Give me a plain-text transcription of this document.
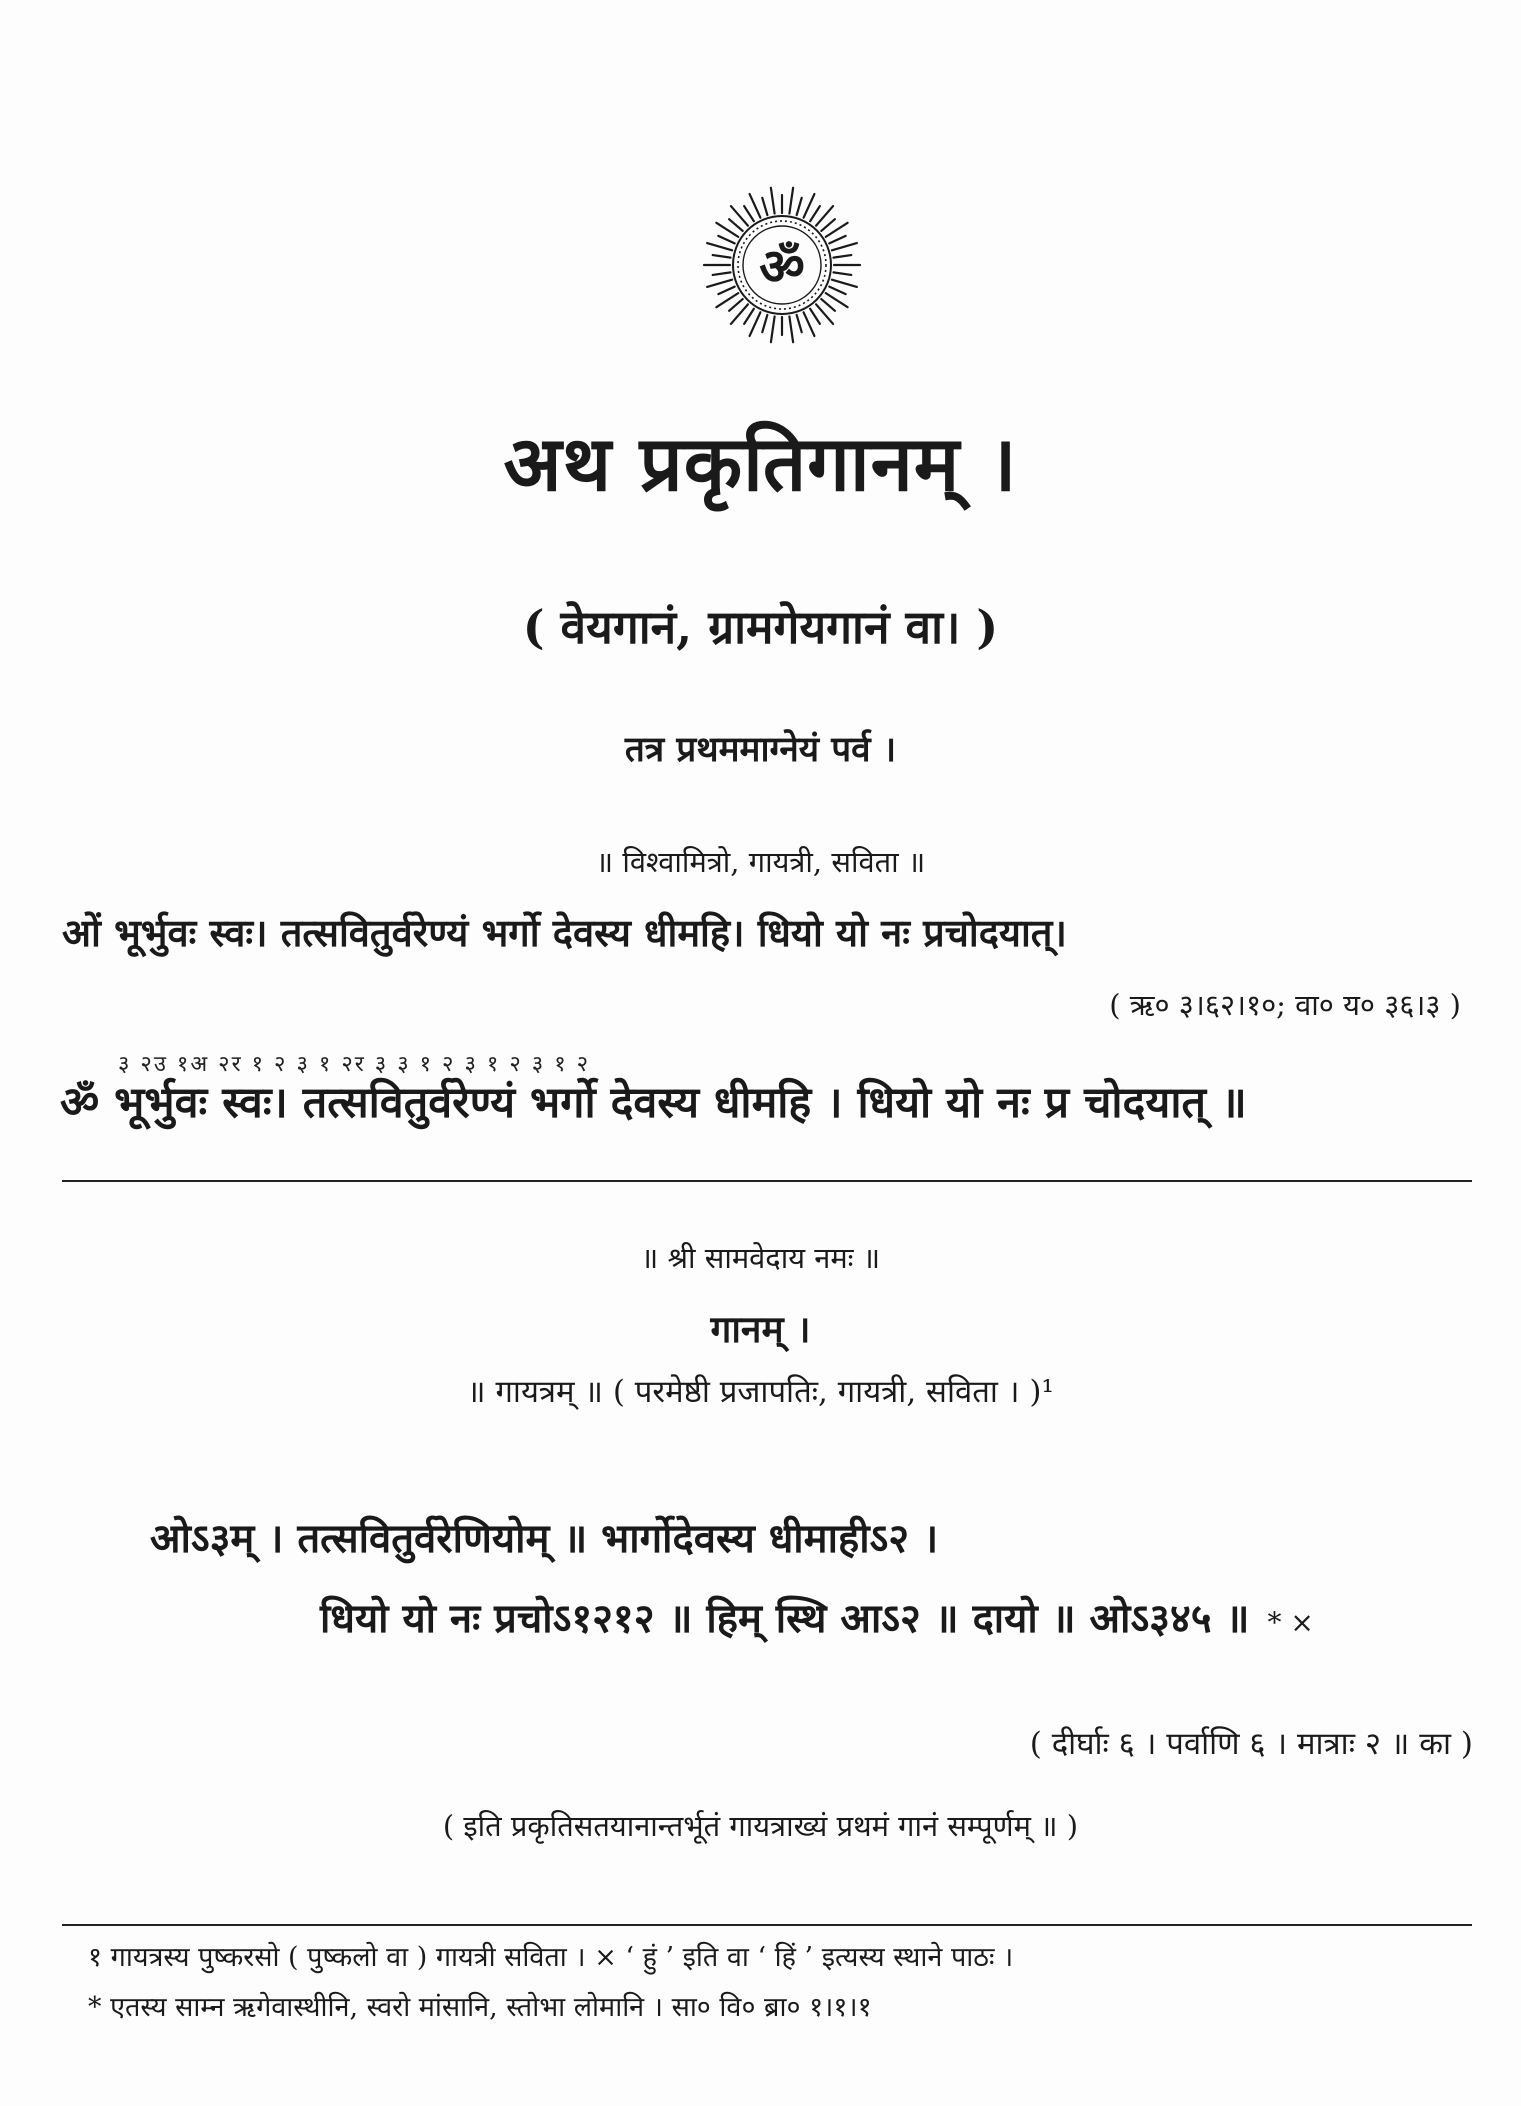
ॐ
अथ प्रकृतिगानम् ।
( वेयगानं, ग्रामगेयगानं वा। )
तत्र प्रथममाग्नेयं पर्व ।
॥ विश्वामित्रो, गायत्री, सविता ॥
ओं भूर्भुवः स्वः। तत्सवितुर्वरेण्यं भर्गो देवस्य धीमहि। धियो यो नः प्रचोदयात्।
( ऋ० ३।६२।१०; वा० य० ३६।३ )
३ २उ १अ २र १ २ ३ १ २र ३ ३ १ २ ३ १ २ ३ १ २
ॐ भूर्भुवः स्वः। तत्सवितुर्वरेण्यं भर्गो देवस्य धीमहि । धियो यो नः प्र चोदयात् ॥
॥ श्री सामवेदाय नमः ॥
गानम् ।
॥ गायत्रम् ॥ ( परमेष्ठी प्रजापतिः, गायत्री, सविता । )¹
ओऽ३म् । तत्सवितुर्वरेणियोम् ॥ भार्गोदेवस्य धीमाहीऽ२ ।
धियो यो नः प्रचोऽ१२१२ ॥ हिम् स्थि आऽ२ ॥ दायो ॥ ओऽ३४५ ॥ * ×
( दीर्घाः ६ । पर्वाणि ६ । मात्राः २ ॥ का )
( इति प्रकृतिसतयानान्तर्भूतं गायत्राख्यं प्रथमं गानं सम्पूर्णम् ॥ )
१ गायत्रस्य पुष्करसो ( पुष्कलो वा ) गायत्री सविता । × ‘ हुं ’ इति वा ‘ हिं ’ इत्यस्य स्थाने पाठः ।
* एतस्य साम्न ऋगेवास्थीनि, स्वरो मांसानि, स्तोभा लोमानि । सा० वि० ब्रा० १।१।१
